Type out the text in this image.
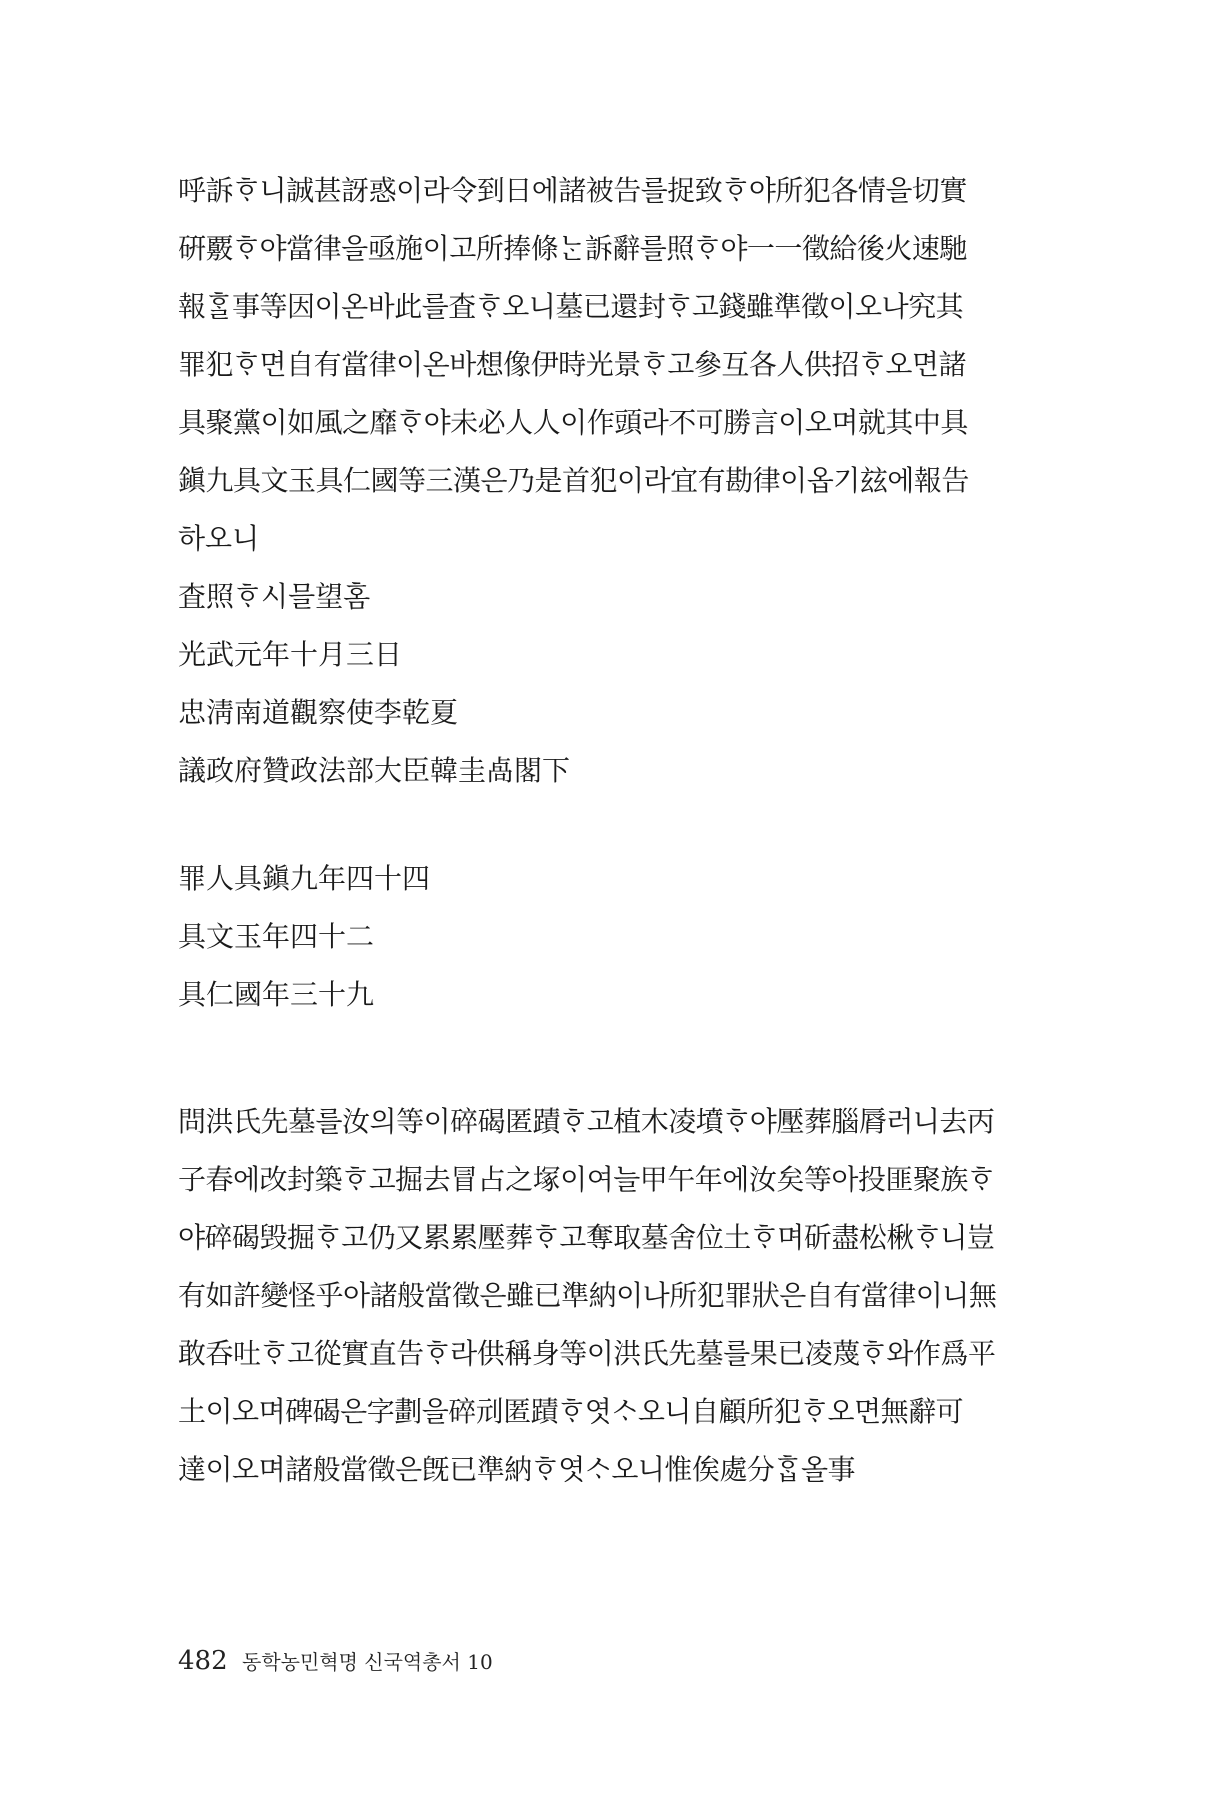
呼訴ᄒᆞ니誠甚訝惑이라令到日에諸被告를捉致ᄒᆞ야所犯各情을切實
硏覈ᄒᆞ야當律을亟施이고所捧條ᄂᆞᆫ訴辭를照ᄒᆞ야一一徵給後火速馳
報ᄒᆞᆯ事等因이온바此를査ᄒᆞ오니墓已還封ᄒᆞ고錢雖準徵이오나究其
罪犯ᄒᆞ면自有當律이온바想像伊時光景ᄒᆞ고參互各人供招ᄒᆞ오면諸
具聚黨이如風之靡ᄒᆞ야未必人人이作頭라不可勝言이오며就其中具
鎭九具文玉具仁國等三漢은乃是首犯이라宜有勘律이옵기玆에報告
하오니
査照ᄒᆞ시믈望홈
光武元年十月三日
忠淸南道觀察使李乾夏
議政府贊政法部大臣韓圭卨閣下
罪人具鎭九年四十四
具文玉年四十二
具仁國年三十九
問洪氏先墓를汝의等이碎碣匿蹟ᄒᆞ고植木凌墳ᄒᆞ야壓葬腦脣러니去丙
子春에改封築ᄒᆞ고掘去冒占之塚이여늘甲午年에汝矣等아投匪聚族ᄒᆞ
야碎碣毁掘ᄒᆞ고仍又累累壓葬ᄒᆞ고奪取墓舍位土ᄒᆞ며斫盡松楸ᄒᆞ니豈
有如許變怪乎아諸般當徵은雖已準納이나所犯罪狀은自有當律이니無
敢呑吐ᄒᆞ고從實直告ᄒᆞ라供稱身等이洪氏先墓를果已凌蔑ᄒᆞ와作爲平
土이오며碑碣은字劃을碎刓匿蹟ᄒᆞ엿ᄉᆞ오니自顧所犯ᄒᆞ오면無辭可
達이오며諸般當徵은旣已準納ᄒᆞ엿ᄉᆞ오니惟俟處分ᄒᆞᆸ올事
482 동학농민혁명 신국역총서 10
